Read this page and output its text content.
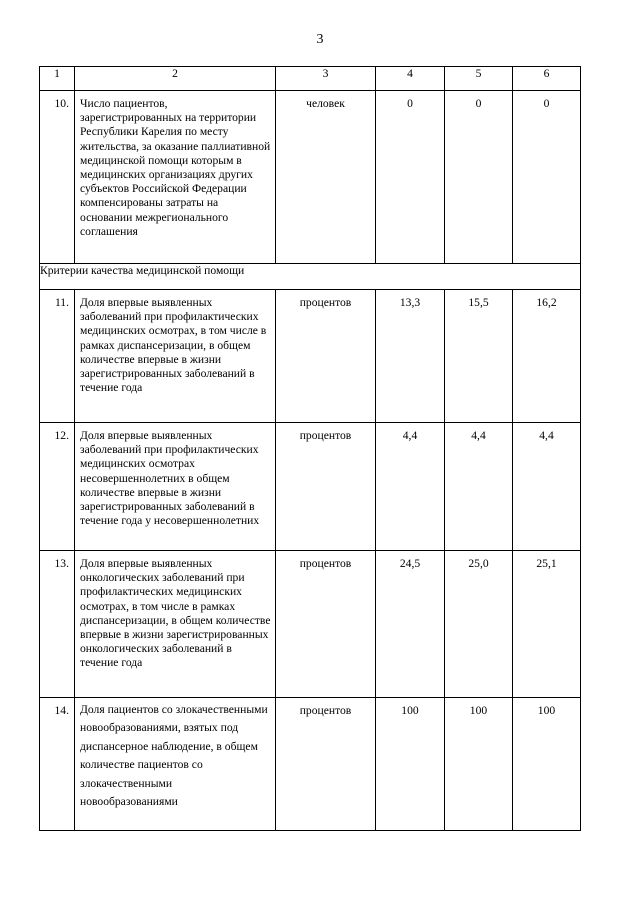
3
1	2	3	4	5	6
10.	Число пациентов, зарегистрированных на территории Республики Карелия по месту жительства, за оказание паллиативной медицинской помощи которым в медицинских организациях других субъектов Российской Федерации компенсированы затраты на основании межрегионального соглашения	человек	0	0	0
Критерии качества медицинской помощи					
11.	Доля впервые выявленных заболеваний при профилактических медицинских осмотрах, в том числе в рамках диспансеризации, в общем количестве впервые в жизни зарегистрированных заболеваний в течение года	процентов	13,3	15,5	16,2
12.	Доля впервые выявленных заболеваний при профилактических медицинских осмотрах несовершеннолетних в общем количестве впервые в жизни зарегистрированных заболеваний в течение года у несовершеннолетних	процентов	4,4	4,4	4,4
13.	Доля впервые выявленных онкологических заболеваний при профилактических медицинских осмотрах, в том числе в рамках диспансеризации, в общем количестве впервые в жизни зарегистрированных онкологических заболеваний в течение года	процентов	24,5	25,0	25,1
14.	Доля пациентов со злокачественными новообразованиями, взятых под диспансерное наблюдение, в общем количестве пациентов со злокачественными новообразованиями	процентов	100	100	100
